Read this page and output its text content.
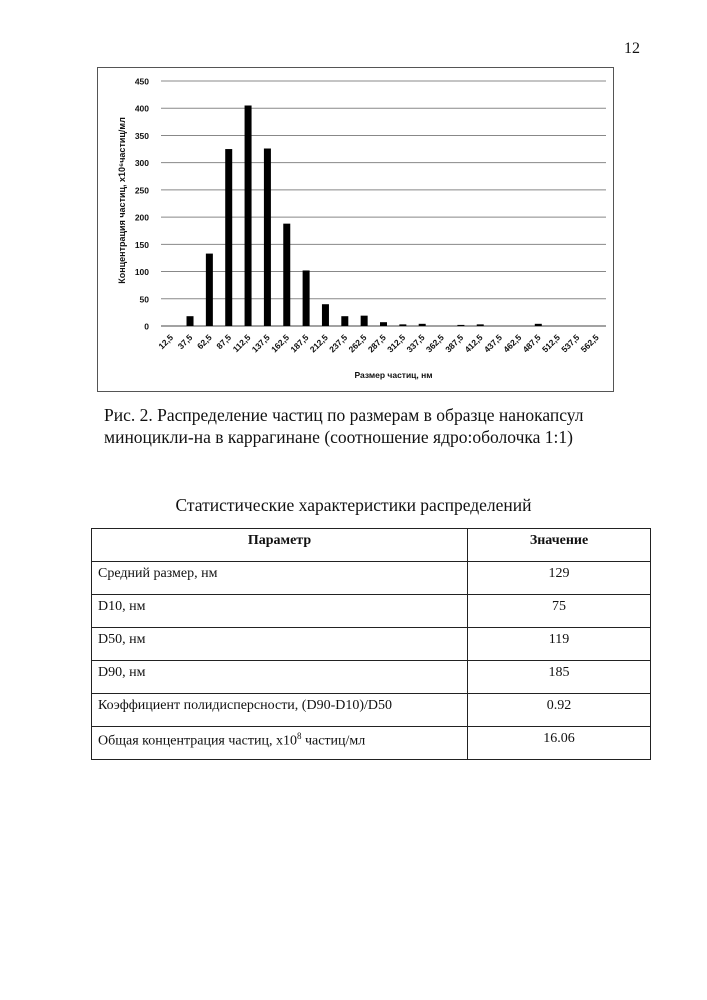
12
0
50
100
150
200
250
300
350
400
450
12,5 37,5 62,5 87,5
112,5
137,5
162,5
187,5
212,5
237,5
262,5
287,5
312,5
337,5
362,5
387,5
412,5
437,5
462,5
487,5
512,5
537,5
562,5
Размер частиц, нм
Концентрация частиц, x10⁶частиц/мл
Рис. 2. Распределение частиц по размерам в образце нанокапсул миноцикли-на в каррагинане (соотношение ядро:оболочка 1:1)
Статистические характеристики распределений
Параметр	Значение
Средний размер, нм	129
D10, нм	75
D50, нм	119
D90, нм	185
Коэффициент полидисперсности, (D90-D10)/D50	0.92
Общая концентрация частиц, $x10^8$ частиц/мл	16.06
